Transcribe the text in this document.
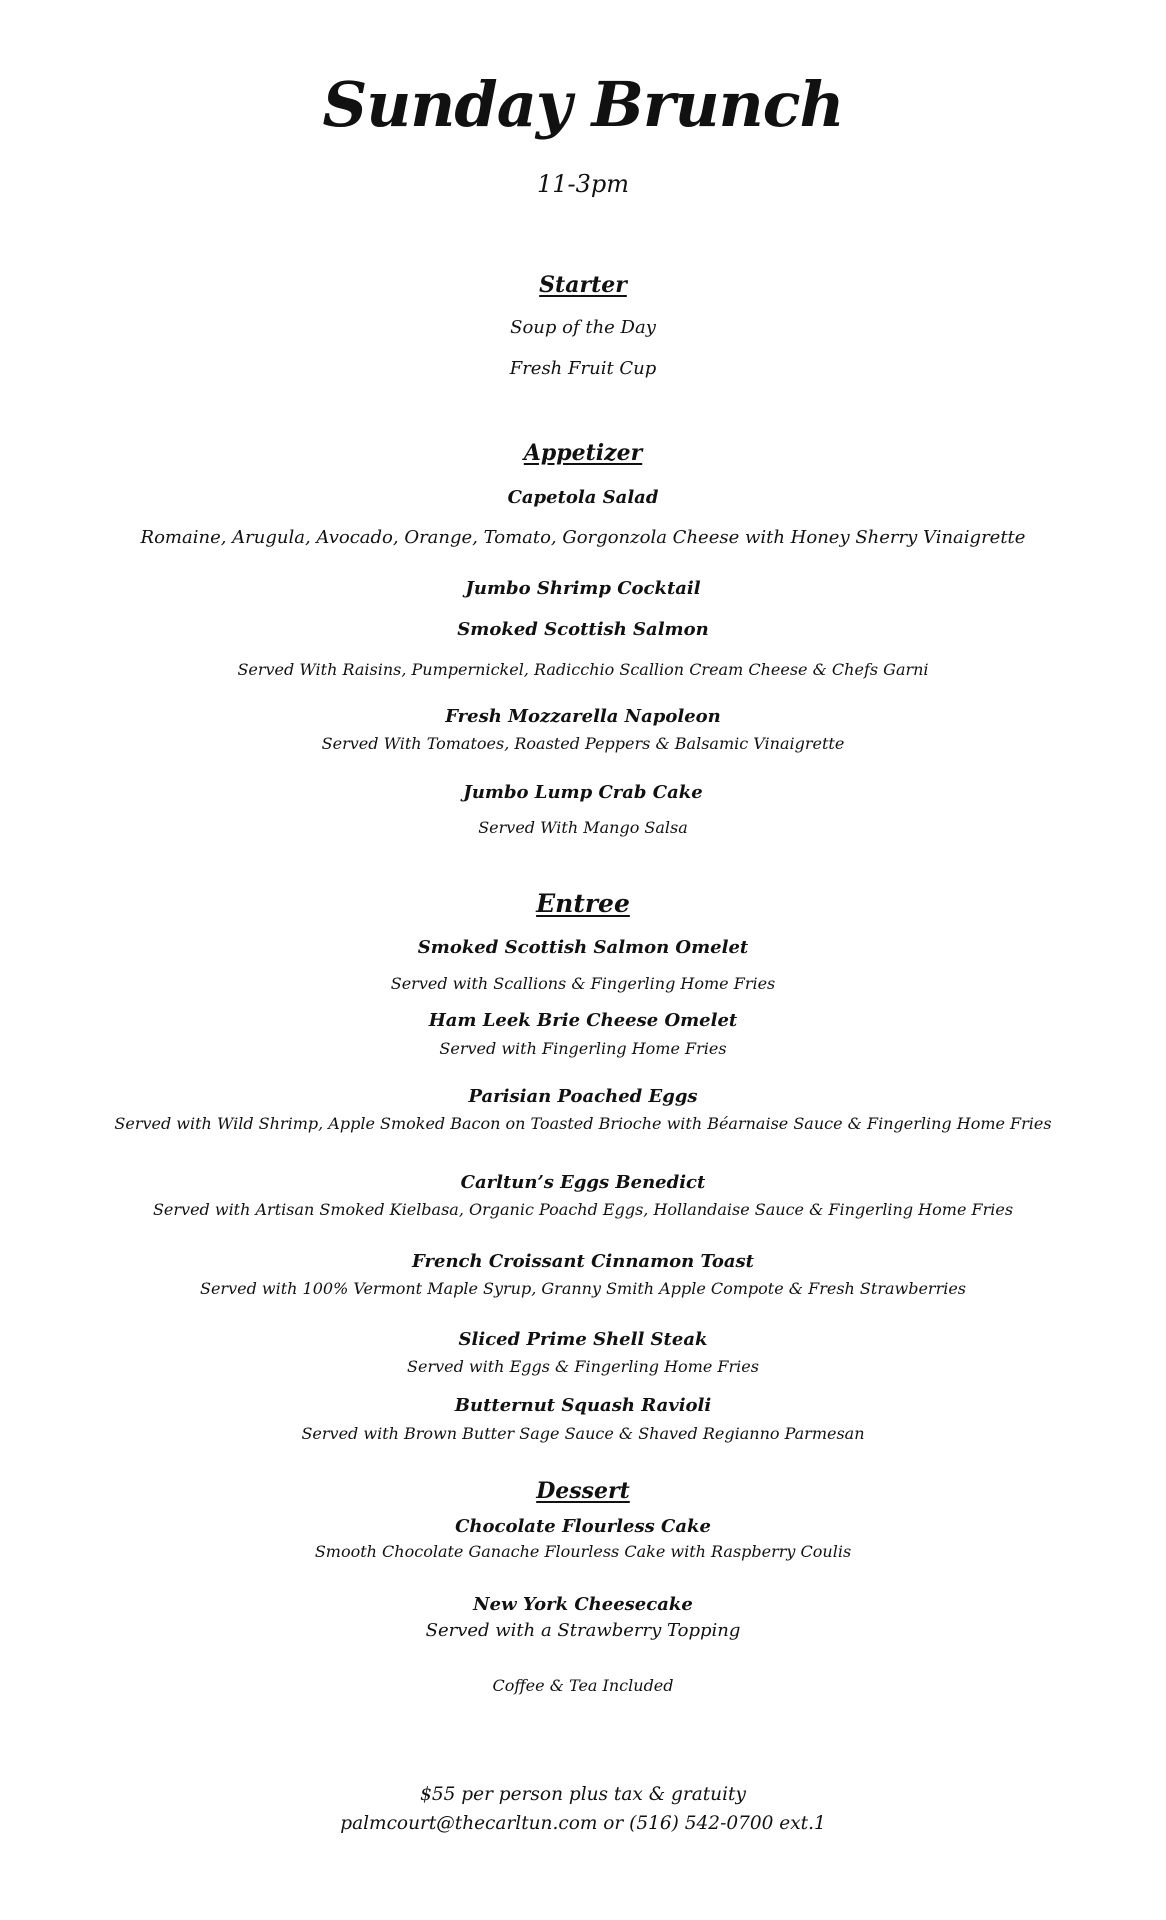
Sunday Brunch
11-3pm
Starter
Soup of the Day
Fresh Fruit Cup
Appetizer
Capetola Salad
Romaine, Arugula, Avocado, Orange, Tomato, Gorgonzola Cheese with Honey Sherry Vinaigrette
Jumbo Shrimp Cocktail
Smoked Scottish Salmon
Served With Raisins, Pumpernickel, Radicchio Scallion Cream Cheese & Chefs Garni
Fresh Mozzarella Napoleon
Served With Tomatoes, Roasted Peppers & Balsamic Vinaigrette
Jumbo Lump Crab Cake
Served With Mango Salsa
Entree
Smoked Scottish Salmon Omelet
Served with Scallions & Fingerling Home Fries
Ham Leek Brie Cheese Omelet
Served with Fingerling Home Fries
Parisian Poached Eggs
Served with Wild Shrimp, Apple Smoked Bacon on Toasted Brioche with Béarnaise Sauce & Fingerling Home Fries
Carltun’s Eggs Benedict
Served with Artisan Smoked Kielbasa, Organic Poachd Eggs, Hollandaise Sauce & Fingerling Home Fries
French Croissant Cinnamon Toast
Served with 100% Vermont Maple Syrup, Granny Smith Apple Compote & Fresh Strawberries
Sliced Prime Shell Steak
Served with Eggs & Fingerling Home Fries
Butternut Squash Ravioli
Served with Brown Butter Sage Sauce & Shaved Regianno Parmesan
Dessert
Chocolate Flourless Cake
Smooth Chocolate Ganache Flourless Cake with Raspberry Coulis
New York Cheesecake
Served with a Strawberry Topping
Coffee & Tea Included
$55 per person plus tax & gratuity
palmcourt@thecarltun.com or (516) 542-0700 ext.1
